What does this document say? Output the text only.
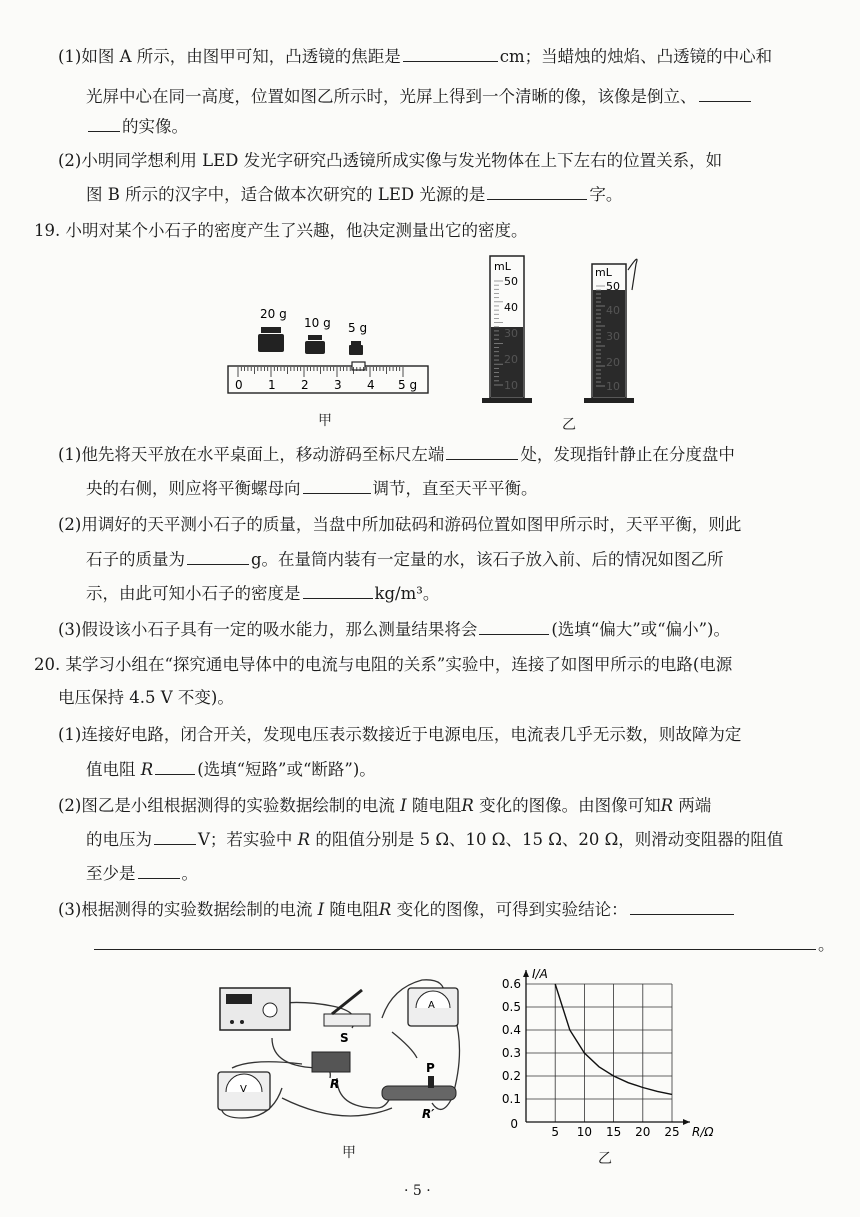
(1)如图 A 所示，由图甲可知，凸透镜的焦距是	cm；当蜡烛的烛焰、凸透镜的中心和
光屏中心在同一高度，位置如图乙所示时，光屏上得到一个清晰的像，该像是倒立、
的实像。
(2)小明同学想利用 LED 发光字研究凸透镜所成实像与发光物体在上下左右的位置关系，如
图 B 所示的汉字中，适合做本次研究的 LED 光源的是	字。
19. 小明对某个小石子的密度产生了兴趣，他决定测量出它的密度。
20 g
10 g 5 g
0 1 2 3 4 5 g
甲
mL
50
40
30
20
10
mL
50
40
30
20
10
乙
(1)他先将天平放在水平桌面上，移动游码至标尺左端	处，发现指针静止在分度盘中
央的右侧，则应将平衡螺母向	调节，直至天平平衡。
(2)用调好的天平测小石子的质量，当盘中所加砝码和游码位置如图甲所示时，天平平衡，则此
石子的质量为	g。在量筒内装有一定量的水，该石子放入前、后的情况如图乙所
示，由此可知小石子的密度是	kg/m³。
(3)假设该小石子具有一定的吸水能力，那么测量结果将会	(选填“偏大”或“偏小”)。
20. 某学习小组在“探究通电导体中的电流与电阻的关系”实验中，连接了如图甲所示的电路(电源
电压保持 4.5 V 不变)。
(1)连接好电路，闭合开关，发现电压表示数接近于电源电压，电流表几乎无示数，则故障为定
值电阻 R	(选填“短路”或“断路”)。
(2)图乙是小组根据测得的实验数据绘制的电流 I 随电阻R 变化的图像。由图像可知R 两端
的电压为	V；若实验中 R 的阻值分别是 5 Ω、10 Ω、15 Ω、20 Ω，则滑动变阻器的阻值
至少是	。
(3)根据测得的实验数据绘制的电流 I 随电阻R 变化的图像，可得到实验结论：
。
S
A
R
V
P
R′
甲
5 10 15 20 25
0.1
0.2
0.3
0.4
0.5
0.6
0
R/Ω
I/A
乙
· 5 ·
